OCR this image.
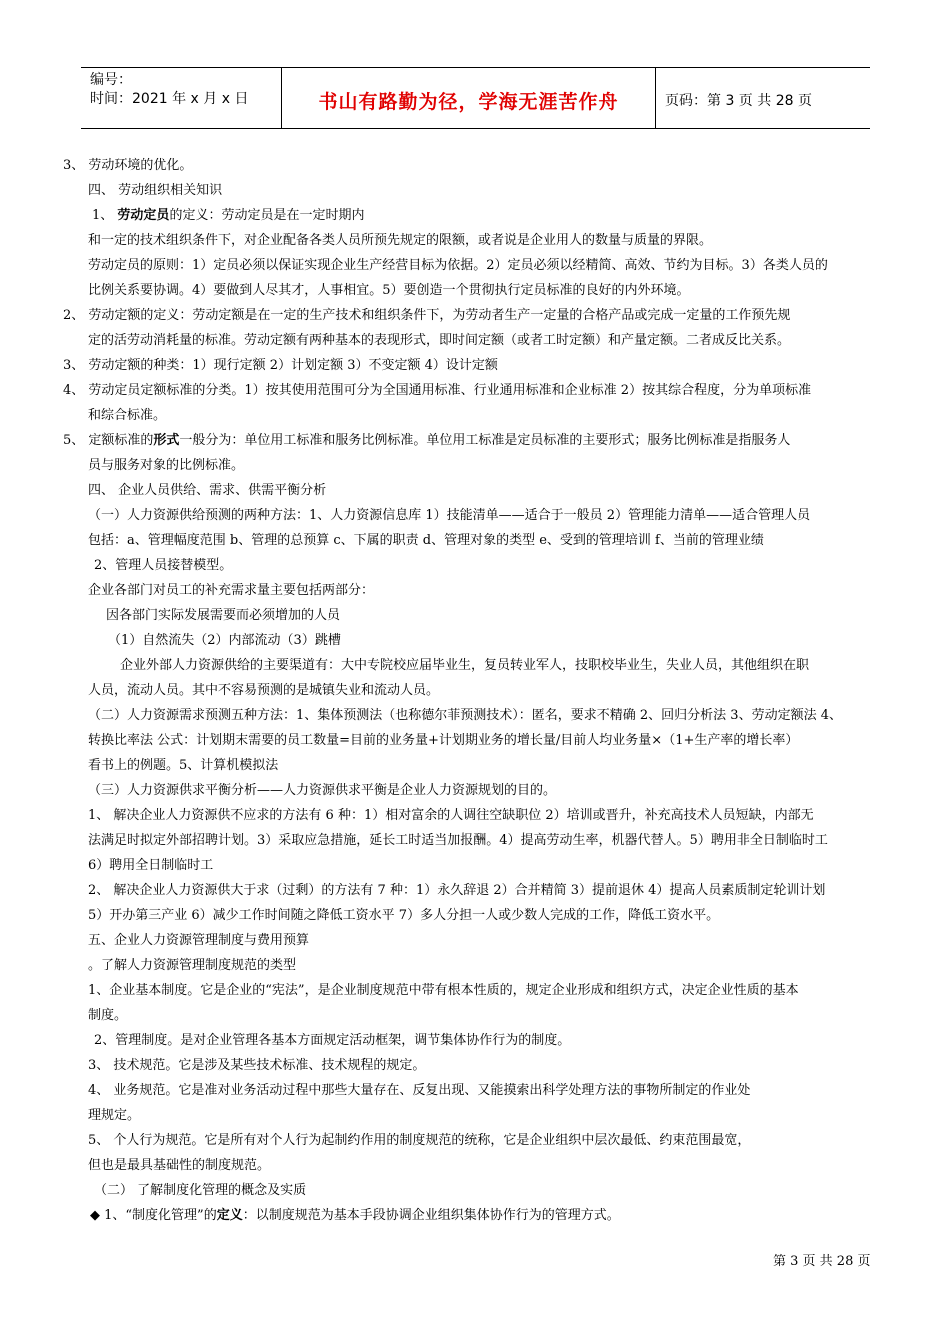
编号：
时间：2021 年 x 月 x 日	书山有路勤为径，学海无涯苦作舟	页码：第 3 页 共 28 页
3、 劳动环境的优化。
四、 劳动组织相关知识
1、 劳动定员的定义：劳动定员是在一定时期内
和一定的技术组织条件下，对企业配备各类人员所预先规定的限额，或者说是企业用人的数量与质量的界限。
劳动定员的原则：1）定员必须以保证实现企业生产经营目标为依据。2）定员必须以经精简、高效、节约为目标。3）各类人员的
比例关系要协调。4）要做到人尽其才，人事相宜。5）要创造一个贯彻执行定员标准的良好的内外环境。
2、 劳动定额的定义：劳动定额是在一定的生产技术和组织条件下，为劳动者生产一定量的合格产品或完成一定量的工作预先规
定的活劳动消耗量的标准。劳动定额有两种基本的表现形式，即时间定额（或者工时定额）和产量定额。二者成反比关系。
3、 劳动定额的种类：1）现行定额 2）计划定额 3）不变定额 4）设计定额
4、 劳动定员定额标准的分类。1）按其使用范围可分为全国通用标准、行业通用标准和企业标准 2）按其综合程度，分为单项标准
和综合标准。
5、 定额标准的形式一般分为：单位用工标准和服务比例标准。单位用工标准是定员标准的主要形式；服务比例标准是指服务人
员与服务对象的比例标准。
四、 企业人员供给、需求、供需平衡分析
（一）人力资源供给预测的两种方法：1、人力资源信息库 1）技能清单——适合于一般员 2）管理能力清单——适合管理人员
包括：a、管理幅度范围 b、管理的总预算 c、下属的职责 d、管理对象的类型 e、受到的管理培训 f、当前的管理业绩
2、管理人员接替模型。
企业各部门对员工的补充需求量主要包括两部分：
因各部门实际发展需要而必须增加的人员
（1）自然流失（2）内部流动（3）跳槽
企业外部人力资源供给的主要渠道有：大中专院校应届毕业生，复员转业军人，技职校毕业生，失业人员，其他组织在职
人员，流动人员。其中不容易预测的是城镇失业和流动人员。
（二）人力资源需求预测五种方法：1、集体预测法（也称德尔菲预测技术）：匿名，要求不精确 2、回归分析法 3、劳动定额法 4、
转换比率法 公式：计划期末需要的员工数量=目前的业务量+计划期业务的增长量/目前人均业务量×（1+生产率的增长率）
看书上的例题。5、计算机模拟法
（三）人力资源供求平衡分析——人力资源供求平衡是企业人力资源规划的目的。
1、 解决企业人力资源供不应求的方法有 6 种：1）相对富余的人调往空缺职位 2）培训或晋升，补充高技术人员短缺，内部无
法满足时拟定外部招聘计划。3）采取应急措施，延长工时适当加报酬。4）提高劳动生率，机器代替人。5）聘用非全日制临时工
6）聘用全日制临时工
2、 解决企业人力资源供大于求（过剩）的方法有 7 种：1）永久辞退 2）合并精简 3）提前退休 4）提高人员素质制定轮训计划
5）开办第三产业 6）减少工作时间随之降低工资水平 7）多人分担一人或少数人完成的工作，降低工资水平。
五、企业人力资源管理制度与费用预算
。了解人力资源管理制度规范的类型
1、企业基本制度。它是企业的“宪法”，是企业制度规范中带有根本性质的，规定企业形成和组织方式，决定企业性质的基本
制度。
2、管理制度。是对企业管理各基本方面规定活动框架，调节集体协作行为的制度。
3、 技术规范。它是涉及某些技术标准、技术规程的规定。
4、 业务规范。它是准对业务活动过程中那些大量存在、反复出现、又能摸索出科学处理方法的事物所制定的作业处
理规定。
5、 个人行为规范。它是所有对个人行为起制约作用的制度规范的统称，它是企业组织中层次最低、约束范围最宽，
但也是最具基础性的制度规范。
（二） 了解制度化管理的概念及实质
◆ 1、“制度化管理”的定义：以制度规范为基本手段协调企业组织集体协作行为的管理方式。
第 3 页 共 28 页
